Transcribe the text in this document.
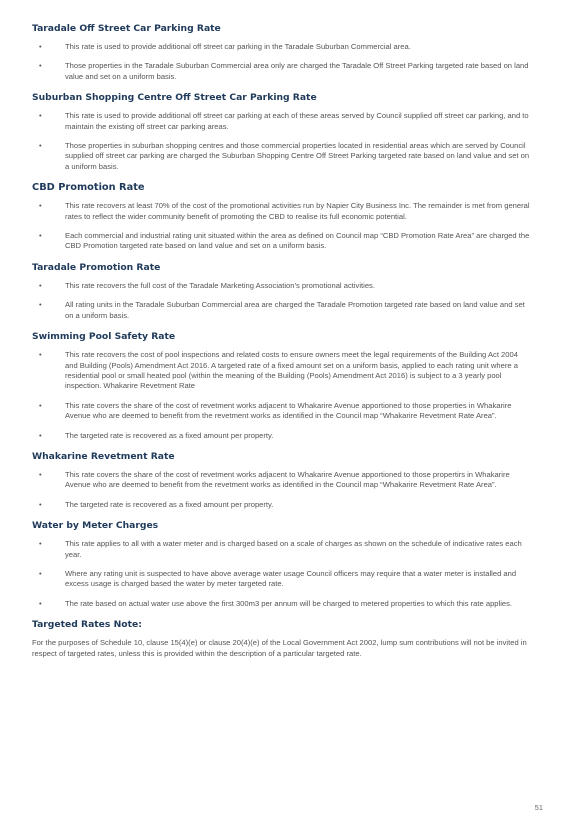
Taradale Off Street Car Parking Rate
•	This rate is used to provide additional off street car parking in the Taradale Suburban Commercial area.
•	Those properties in the Taradale Suburban Commercial area only are charged the Taradale Off Street Parking targeted rate based on land value and set on a uniform basis.
Suburban Shopping Centre Off Street Car Parking Rate
•	This rate is used to provide additional off street car parking at each of these areas served by Council supplied off street car parking, and to maintain the existing off street car parking areas.
•	Those properties in suburban shopping centres and those commercial properties located in residential areas which are served by Council supplied off street car parking are charged the Suburban Shopping Centre Off Street Parking targeted rate based on land value and set on a uniform basis.
CBD Promotion Rate
•	This rate recovers at least 70% of the cost of the promotional activities run by Napier City Business Inc. The remainder is met from general rates to reflect the wider community benefit of promoting the CBD to realise its full economic potential.
•	Each commercial and industrial rating unit situated within the area as defined on Council map “CBD Promotion Rate Area” are charged the CBD Promotion targeted rate based on land value and set on a uniform basis.
Taradale Promotion Rate
•	This rate recovers the full cost of the Taradale Marketing Association’s promotional activities.
•	All rating units in the Taradale Suburban Commercial area are charged the Taradale Promotion targeted rate based on land value and set on a uniform basis.
Swimming Pool Safety Rate
•	This rate recovers the cost of pool inspections and related costs to ensure owners meet the legal requirements of the Building Act 2004 and Building (Pools) Amendment Act 2016. A targeted rate of a fixed amount set on a uniform basis, applied to each rating unit where a residential pool or small heated pool (within the meaning of the Building (Pools) Amendment Act 2016) is subject to a 3 yearly pool inspection. Whakarire Revetment Rate
•	This rate covers the share of the cost of revetment works adjacent to Whakarire Avenue apportioned to those properties in Whakarire Avenue who are deemed to benefit from the revetment works as identified in the Council map “Whakarire Revetment Rate Area”.
•	The targeted rate is recovered as a fixed amount per property.
Whakarine Revetment Rate
•	This rate covers the share of the cost of revetment works adjacent to Whakarire Avenue apportioned to those propertirs in Whakarire Avenue who are deemed to benefit from the revetment works as identified in the Council map “Whakarire Revetment Rate Area”.
•	The targeted rate is recovered as a fixed amount per property.
Water by Meter Charges
•	This rate applies to all with a water meter and is charged based on a scale of charges as shown on the schedule of indicative rates each year.
•	Where any rating unit is suspected to have above average water usage Council officers may require that a water meter is installed and excess usage is charged based the water by meter targeted rate.
•	The rate based on actual water use above the first 300m3 per annum will be charged to metered properties to which this rate applies.
Targeted Rates Note:

For the purposes of Schedule 10, clause 15(4)(e) or clause 20(4)(e) of the Local Government Act 2002, lump sum contributions will not be invited in respect of targeted rates, unless this is provided within the description of a particular targeted rate.

51
